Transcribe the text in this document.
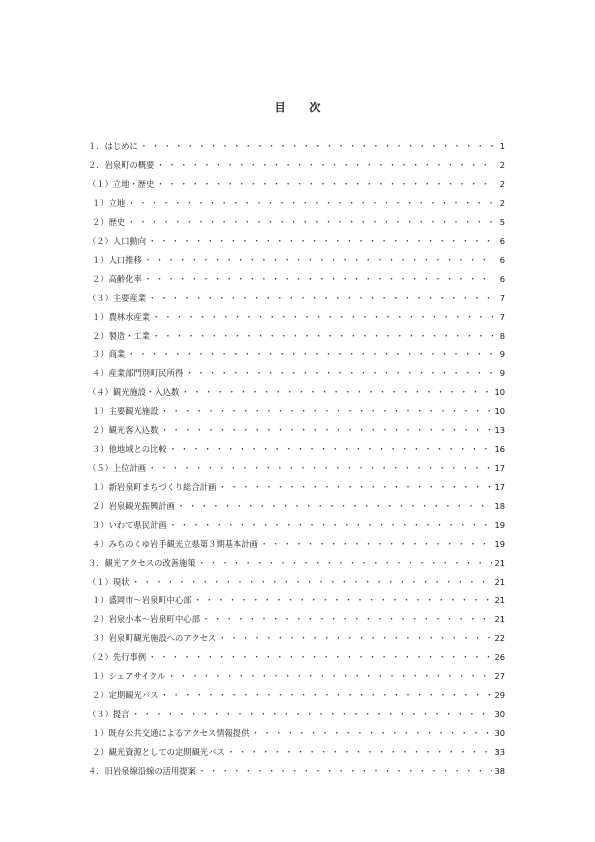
目 次
１．はじめに ・・・・・・・・・・・・・・・・・・・・・・・・・・・・・・・・・・・・・・・・・・・・・・・・・・・・・・・・・・・・	1
２．岩泉町の概要 ・・・・・・・・・・・・・・・・・・・・・・・・・・・・・・・・・・・・・・・・・・・・・・・・・・・・・・・・・・・・	2
（１）立地・歴史 ・・・・・・・・・・・・・・・・・・・・・・・・・・・・・・・・・・・・・・・・・・・・・・・・・・・・・・・・・・・・	2
１）立地 ・・・・・・・・・・・・・・・・・・・・・・・・・・・・・・・・・・・・・・・・・・・・・・・・・・・・・・・・・・・・	2
２）歴史 ・・・・・・・・・・・・・・・・・・・・・・・・・・・・・・・・・・・・・・・・・・・・・・・・・・・・・・・・・・・・	5
（２）人口動向 ・・・・・・・・・・・・・・・・・・・・・・・・・・・・・・・・・・・・・・・・・・・・・・・・・・・・・・・・・・・・	6
１）人口推移 ・・・・・・・・・・・・・・・・・・・・・・・・・・・・・・・・・・・・・・・・・・・・・・・・・・・・・・・・・・・・	6
２）高齢化率 ・・・・・・・・・・・・・・・・・・・・・・・・・・・・・・・・・・・・・・・・・・・・・・・・・・・・・・・・・・・・	6
（３）主要産業 ・・・・・・・・・・・・・・・・・・・・・・・・・・・・・・・・・・・・・・・・・・・・・・・・・・・・・・・・・・・・	7
１）農林水産業 ・・・・・・・・・・・・・・・・・・・・・・・・・・・・・・・・・・・・・・・・・・・・・・・・・・・・・・・・・・・・	7
２）製造・工業 ・・・・・・・・・・・・・・・・・・・・・・・・・・・・・・・・・・・・・・・・・・・・・・・・・・・・・・・・・・・・	8
３）商業 ・・・・・・・・・・・・・・・・・・・・・・・・・・・・・・・・・・・・・・・・・・・・・・・・・・・・・・・・・・・・	9
４）産業部門別町民所得 ・・・・・・・・・・・・・・・・・・・・・・・・・・・・・・・・・・・・・・・・・・・・・・・・・・・・・・・・・・・・	9
（４）観光施設・入込数 ・・・・・・・・・・・・・・・・・・・・・・・・・・・・・・・・・・・・・・・・・・・・・・・・・・・・・・・・・・・・	10
１）主要観光施設 ・・・・・・・・・・・・・・・・・・・・・・・・・・・・・・・・・・・・・・・・・・・・・・・・・・・・・・・・・・・・	10
２）観光客入込数 ・・・・・・・・・・・・・・・・・・・・・・・・・・・・・・・・・・・・・・・・・・・・・・・・・・・・・・・・・・・・	13
３）他地域との比較 ・・・・・・・・・・・・・・・・・・・・・・・・・・・・・・・・・・・・・・・・・・・・・・・・・・・・・・・・・・・・	16
（５）上位計画 ・・・・・・・・・・・・・・・・・・・・・・・・・・・・・・・・・・・・・・・・・・・・・・・・・・・・・・・・・・・・	17
１）新岩泉町まちづくり総合計画 ・・・・・・・・・・・・・・・・・・・・・・・・・・・・・・・・・・・・・・・・・・・・・・・・・・・・・・・・・・・・	17
２）岩泉観光振興計画 ・・・・・・・・・・・・・・・・・・・・・・・・・・・・・・・・・・・・・・・・・・・・・・・・・・・・・・・・・・・・	18
３）いわて県民計画 ・・・・・・・・・・・・・・・・・・・・・・・・・・・・・・・・・・・・・・・・・・・・・・・・・・・・・・・・・・・・	19
４）みちのくゆ岩手観光立県第３期基本計画 ・・・・・・・・・・・・・・・・・・・・・・・・・・・・・・・・・・・・・・・・・・・・・・・・・・・・・・・・・・・・	19
３．観光アクセスの改善施策 ・・・・・・・・・・・・・・・・・・・・・・・・・・・・・・・・・・・・・・・・・・・・・・・・・・・・・・・・・・・・	21
（１）現状 ・・・・・・・・・・・・・・・・・・・・・・・・・・・・・・・・・・・・・・・・・・・・・・・・・・・・・・・・・・・・	21
１）盛岡市～岩泉町中心部 ・・・・・・・・・・・・・・・・・・・・・・・・・・・・・・・・・・・・・・・・・・・・・・・・・・・・・・・・・・・・	21
２）岩泉小本～岩泉町中心部 ・・・・・・・・・・・・・・・・・・・・・・・・・・・・・・・・・・・・・・・・・・・・・・・・・・・・・・・・・・・・	21
３）岩泉町観光施設へのアクセス ・・・・・・・・・・・・・・・・・・・・・・・・・・・・・・・・・・・・・・・・・・・・・・・・・・・・・・・・・・・・	22
（２）先行事例 ・・・・・・・・・・・・・・・・・・・・・・・・・・・・・・・・・・・・・・・・・・・・・・・・・・・・・・・・・・・・	26
１）シェアサイクル ・・・・・・・・・・・・・・・・・・・・・・・・・・・・・・・・・・・・・・・・・・・・・・・・・・・・・・・・・・・・	27
２）定期観光バス ・・・・・・・・・・・・・・・・・・・・・・・・・・・・・・・・・・・・・・・・・・・・・・・・・・・・・・・・・・・・	29
（３）提言 ・・・・・・・・・・・・・・・・・・・・・・・・・・・・・・・・・・・・・・・・・・・・・・・・・・・・・・・・・・・・	30
１）既存公共交通によるアクセス情報提供 ・・・・・・・・・・・・・・・・・・・・・・・・・・・・・・・・・・・・・・・・・・・・・・・・・・・・・・・・・・・・	30
２）観光資源としての定期観光バス ・・・・・・・・・・・・・・・・・・・・・・・・・・・・・・・・・・・・・・・・・・・・・・・・・・・・・・・・・・・・	33
４．旧岩泉線沿線の活用提案 ・・・・・・・・・・・・・・・・・・・・・・・・・・・・・・・・・・・・・・・・・・・・・・・・・・・・・・・・・・・・	38
